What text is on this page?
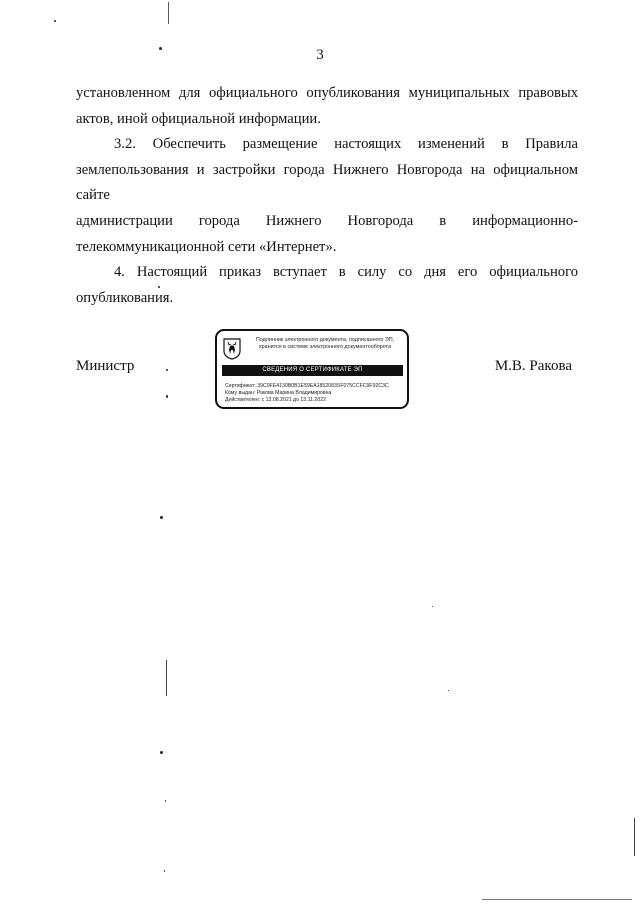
3

установленном для официального опубликования муниципальных правовых
актов, иной официальной информации.

3.2. Обеспечить размещение настоящих изменений в Правила
землепользования и застройки города Нижнего Новгорода на официальном сайте
администрации города Нижнего Новгорода в информационно-
телекоммуникационной сети «Интернет».

4. Настоящий приказ вступает в силу со дня его официального
опубликования.

Министр	М.В. Ракова
Подлинник электронного документа, подписанного ЭП,
хранится в системе электронного документооборота
СВЕДЕНИЯ О СЕРТИФИКАТЕ ЭП
Сертификат: 39C0FE4130B0B1E59EA1852083SF075CCFC9F92C3C
Кому выдан: Ракова Марина Владимировна
Действителен: с 13.08.2021 до 13.11.2022
